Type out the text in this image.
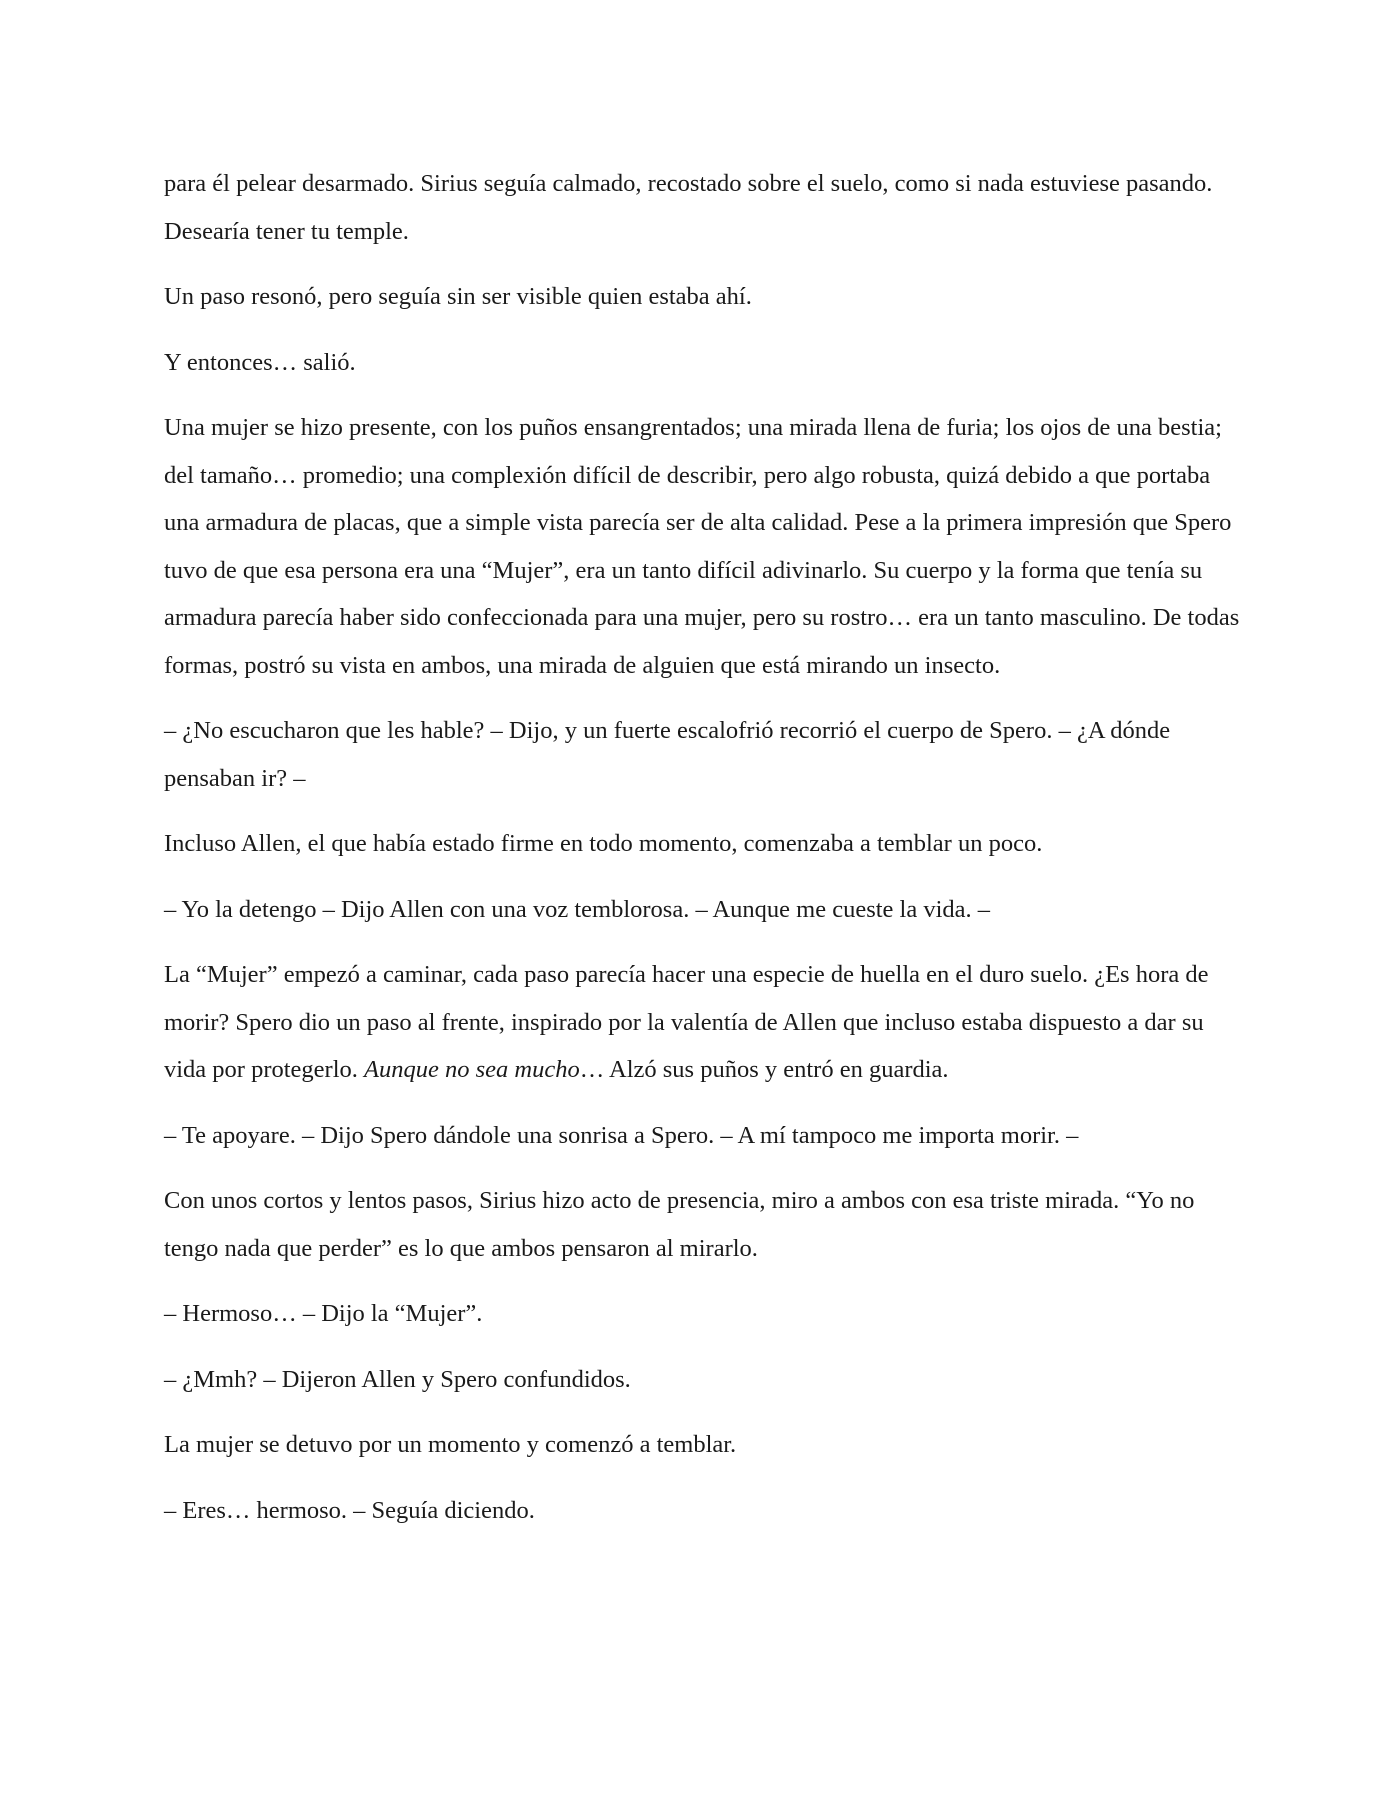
para él pelear desarmado. Sirius seguía calmado, recostado sobre el suelo, como si nada estuviese pasando. Desearía tener tu temple.

Un paso resonó, pero seguía sin ser visible quien estaba ahí.

Y entonces… salió.

Una mujer se hizo presente, con los puños ensangrentados; una mirada llena de furia; los ojos de una bestia; del tamaño… promedio; una complexión difícil de describir, pero algo robusta, quizá debido a que portaba una armadura de placas, que a simple vista parecía ser de alta calidad. Pese a la primera impresión que Spero tuvo de que esa persona era una “Mujer”, era un tanto difícil adivinarlo. Su cuerpo y la forma que tenía su armadura parecía haber sido confeccionada para una mujer, pero su rostro… era un tanto masculino. De todas formas, postró su vista en ambos, una mirada de alguien que está mirando un insecto.

– ¿No escucharon que les hable? – Dijo, y un fuerte escalofrió recorrió el cuerpo de Spero. – ¿A dónde pensaban ir? –

Incluso Allen, el que había estado firme en todo momento, comenzaba a temblar un poco.

– Yo la detengo – Dijo Allen con una voz temblorosa. – Aunque me cueste la vida. –

La “Mujer” empezó a caminar, cada paso parecía hacer una especie de huella en el duro suelo. ¿Es hora de morir? Spero dio un paso al frente, inspirado por la valentía de Allen que incluso estaba dispuesto a dar su vida por protegerlo. Aunque no sea mucho… Alzó sus puños y entró en guardia.

– Te apoyare. – Dijo Spero dándole una sonrisa a Spero. – A mí tampoco me importa morir. –

Con unos cortos y lentos pasos, Sirius hizo acto de presencia, miro a ambos con esa triste mirada. “Yo no tengo nada que perder” es lo que ambos pensaron al mirarlo.

– Hermoso… – Dijo la “Mujer”.

– ¿Mmh? – Dijeron Allen y Spero confundidos.

La mujer se detuvo por un momento y comenzó a temblar.

– Eres… hermoso. – Seguía diciendo.
